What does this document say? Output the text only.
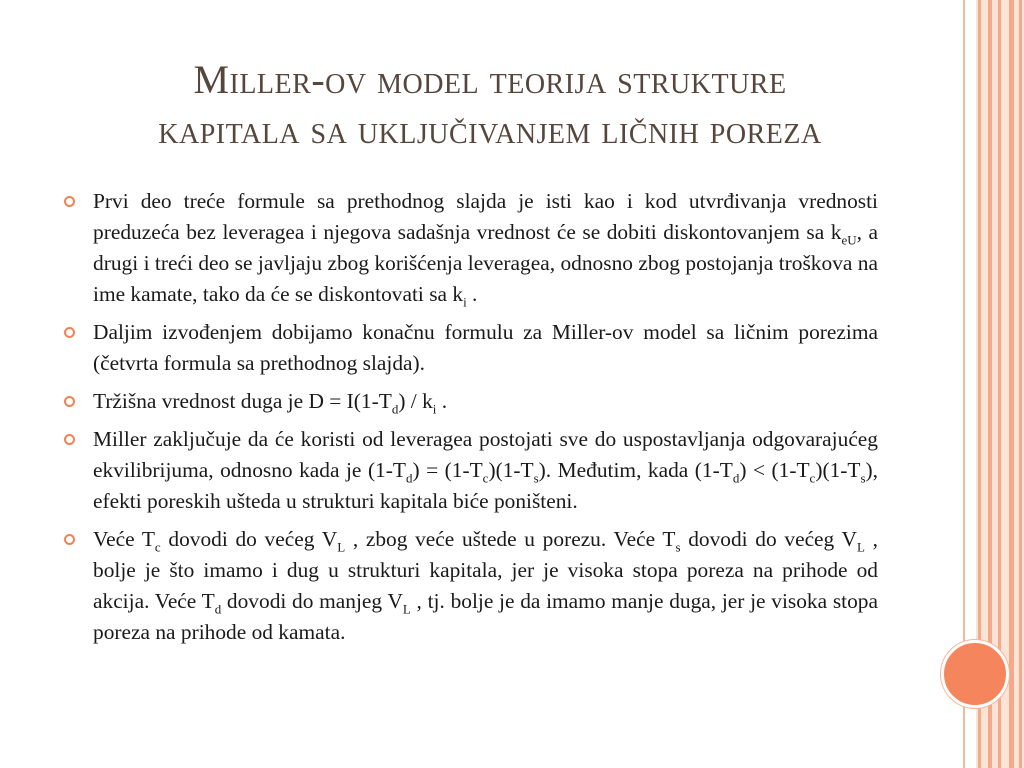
Miller-ov model teorija strukture
kapitala sa uključivanjem ličnih poreza
Prvi deo treće formule sa prethodnog slajda je isti kao i kod utvrđivanja vrednosti preduzeća bez leveragea i njegova sadašnja vrednost će se dobiti diskontovanjem sa $k_{eU}$, a drugi i treći deo se javljaju zbog korišćenja leveragea, odnosno zbog postojanja troškova na ime kamate, tako da će se diskontovati sa $k_i$ .
Daljim izvođenjem dobijamo konačnu formulu za Miller-ov model sa ličnim porezima (četvrta formula sa prethodnog slajda).
Tržišna vrednost duga je $D = I(1-T_d) / k_i$ .
Miller zaključuje da će koristi od leveragea postojati sve do uspostavljanja odgovarajućeg ekvilibrijuma, odnosno kada je $(1-T_d) = (1-T_c)(1-T_s)$. Međutim, kada $(1-T_d) < (1-T_c)(1-T_s)$, efekti poreskih ušteda u strukturi kapitala biće poništeni.
Veće $T_c$ dovodi do većeg $V_L$ , zbog veće uštede u porezu. Veće $T_s$ dovodi do većeg $V_L$ , bolje je što imamo i dug u strukturi kapitala, jer je visoka stopa poreza na prihode od akcija. Veće $T_d$ dovodi do manjeg $V_L$ , tj. bolje je da imamo manje duga, jer je visoka stopa poreza na prihode od kamata.
